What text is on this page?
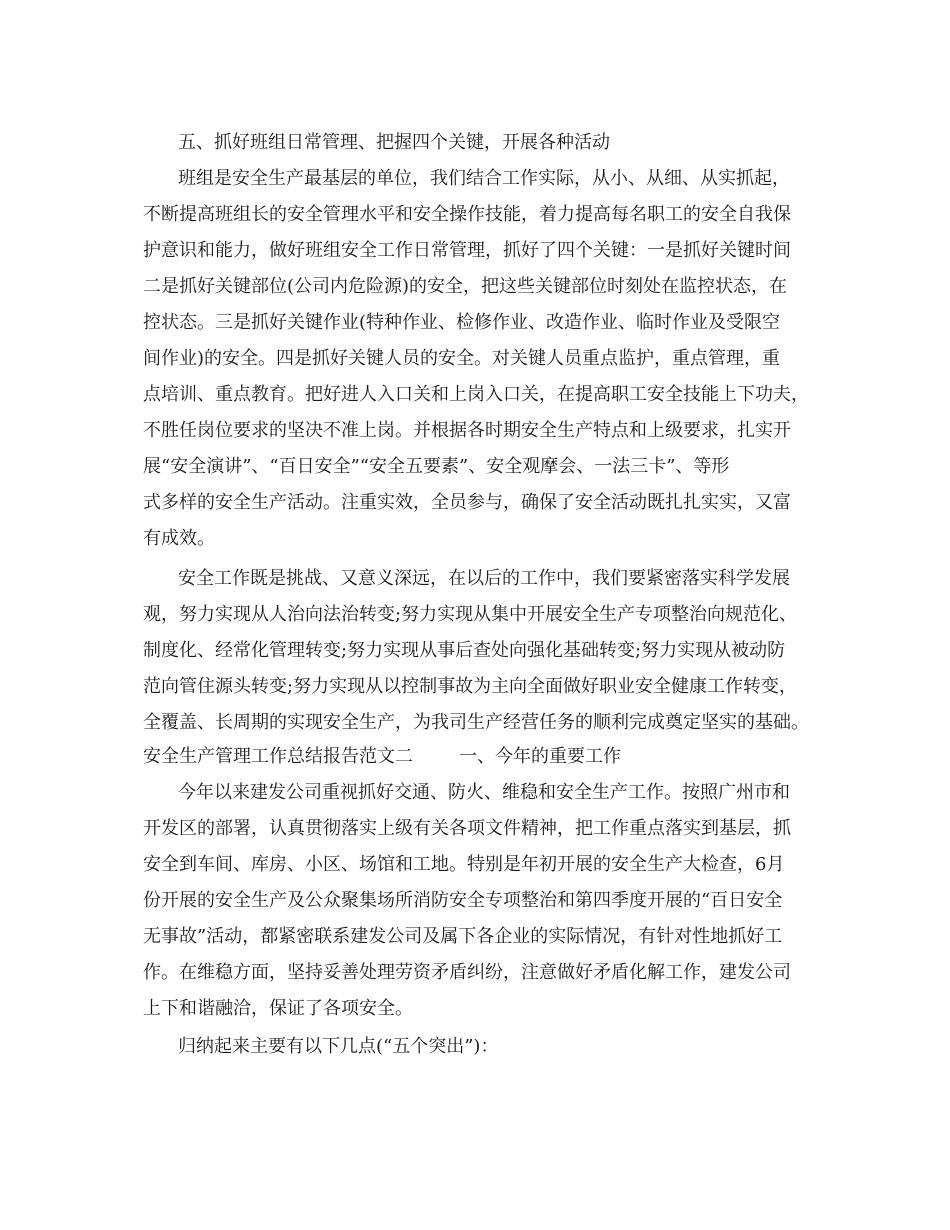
五、抓好班组日常管理、把握四个关键，开展各种活动
班组是安全生产最基层的单位，我们结合工作实际，从小、从细、从实抓起，
不断提高班组长的安全管理水平和安全操作技能，着力提高每名职工的安全自我保
护意识和能力，做好班组安全工作日常管理，抓好了四个关键：一是抓好关键时间
二是抓好关键部位(公司内危险源)的安全，把这些关键部位时刻处在监控状态，在
控状态。三是抓好关键作业(特种作业、检修作业、改造作业、临时作业及受限空
间作业)的安全。四是抓好关键人员的安全。对关键人员重点监护，重点管理，重
点培训、重点教育。把好进人入口关和上岗入口关，在提高职工安全技能上下功夫，
不胜任岗位要求的坚决不准上岗。并根据各时期安全生产特点和上级要求，扎实开
展“安全演讲”、“百日安全”“安全五要素”、安全观摩会、一法三卡”、等形
式多样的安全生产活动。注重实效，全员参与，确保了安全活动既扎扎实实，又富
有成效。
安全工作既是挑战、又意义深远，在以后的工作中，我们要紧密落实科学发展
观，努力实现从人治向法治转变;努力实现从集中开展安全生产专项整治向规范化、
制度化、经常化管理转变;努力实现从事后查处向强化基础转变;努力实现从被动防
范向管住源头转变;努力实现从以控制事故为主向全面做好职业安全健康工作转变，
全覆盖、长周期的实现安全生产，为我司生产经营任务的顺利完成奠定坚实的基础。
安全生产管理工作总结报告范文二	一、今年的重要工作
今年以来建发公司重视抓好交通、防火、维稳和安全生产工作。按照广州市和
开发区的部署，认真贯彻落实上级有关各项文件精神，把工作重点落实到基层，抓
安全到车间、库房、小区、场馆和工地。特别是年初开展的安全生产大检查，6月
份开展的安全生产及公众聚集场所消防安全专项整治和第四季度开展的“百日安全
无事故”活动，都紧密联系建发公司及属下各企业的实际情况，有针对性地抓好工
作。在维稳方面，坚持妥善处理劳资矛盾纠纷，注意做好矛盾化解工作，建发公司
上下和谐融洽，保证了各项安全。
归纳起来主要有以下几点(“五个突出”)：
